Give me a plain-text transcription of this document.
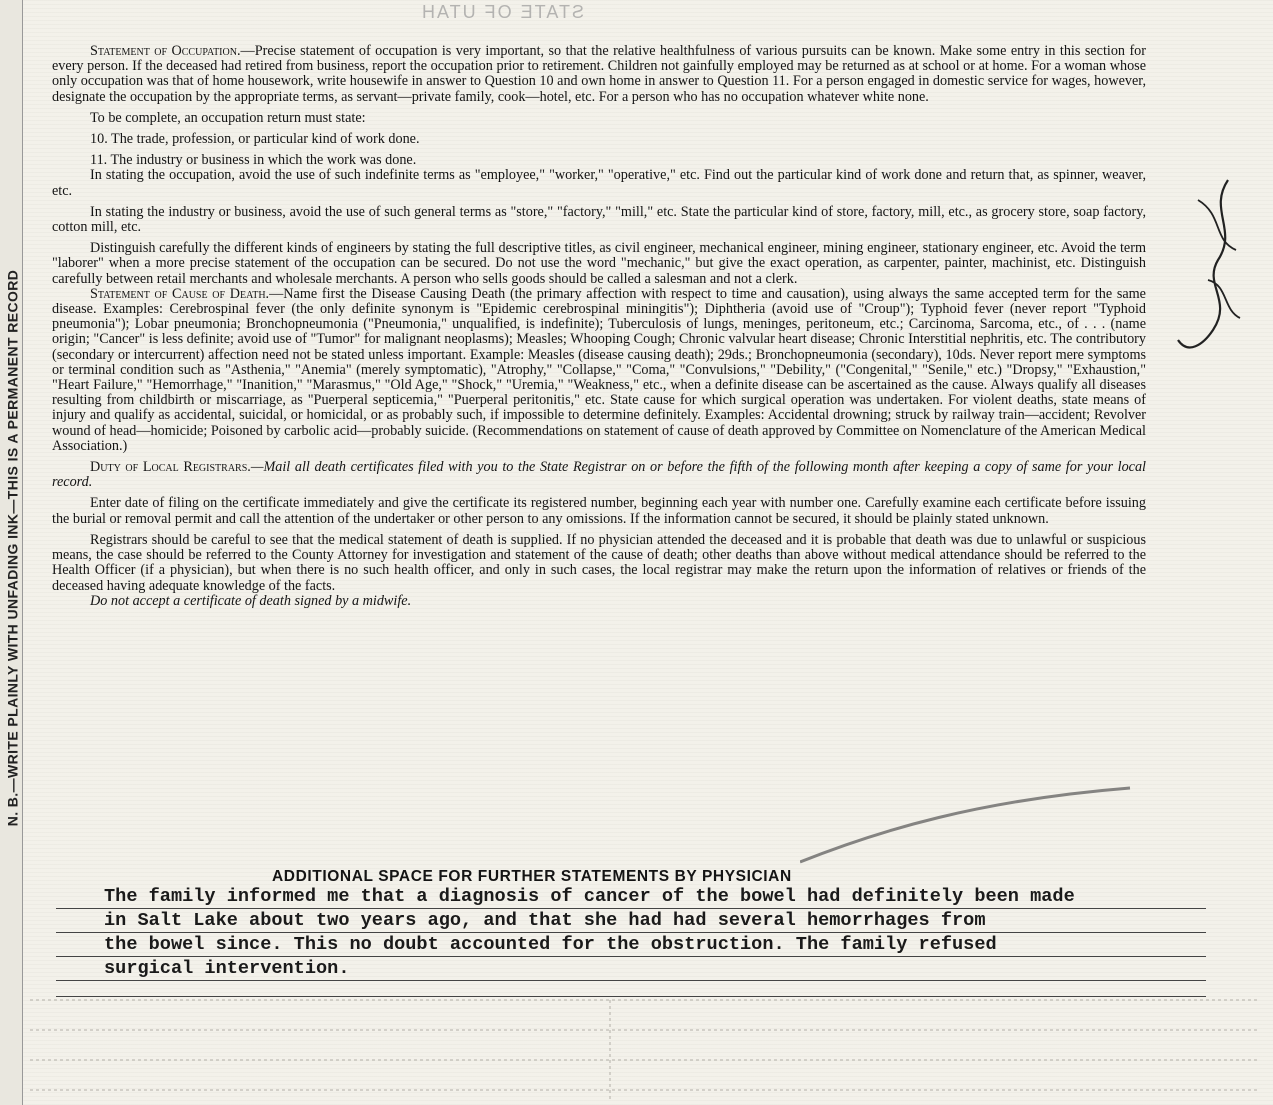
N. B.—WRITE PLAINLY WITH UNFADING INK—THIS IS A PERMANENT RECORD
STATE OF UTAH

Statement of Occupation.—Precise statement of occupation is very important, so that the relative healthfulness of various pursuits can be known. Make some entry in this section for every person. If the deceased had retired from business, report the occupation prior to retirement. Children not gainfully employed may be returned as at school or at home. For a woman whose only occupation was that of home housework, write housewife in answer to Question 10 and own home in answer to Question 11. For a person engaged in domestic service for wages, however, designate the occupation by the appropriate terms, as servant—private family, cook—hotel, etc. For a person who has no occupation whatever white none.

To be complete, an occupation return must state:

10. The trade, profession, or particular kind of work done.

11. The industry or business in which the work was done.

In stating the occupation, avoid the use of such indefinite terms as "employee," "worker," "operative," etc. Find out the particular kind of work done and return that, as spinner, weaver, etc.

In stating the industry or business, avoid the use of such general terms as "store," "factory," "mill," etc. State the particular kind of store, factory, mill, etc., as grocery store, soap factory, cotton mill, etc.

Distinguish carefully the different kinds of engineers by stating the full descriptive titles, as civil engineer, mechanical engineer, mining engineer, stationary engineer, etc. Avoid the term "laborer" when a more precise statement of the occupation can be secured. Do not use the word "mechanic," but give the exact operation, as carpenter, painter, machinist, etc. Distinguish carefully between retail merchants and wholesale merchants. A person who sells goods should be called a salesman and not a clerk.

Statement of Cause of Death.—Name first the Disease Causing Death (the primary affection with respect to time and causation), using always the same accepted term for the same disease. Examples: Cerebrospinal fever (the only definite synonym is "Epidemic cerebrospinal miningitis"); Diphtheria (avoid use of "Croup"); Typhoid fever (never report "Typhoid pneumonia"); Lobar pneumonia; Bronchopneumonia ("Pneumonia," unqualified, is indefinite); Tuberculosis of lungs, meninges, peritoneum, etc.; Carcinoma, Sarcoma, etc., of . . . (name origin; "Cancer" is less definite; avoid use of "Tumor" for malignant neoplasms); Measles; Whooping Cough; Chronic valvular heart disease; Chronic Interstitial nephritis, etc. The contributory (secondary or intercurrent) affection need not be stated unless important. Example: Measles (disease causing death); 29ds.; Bronchopneumonia (secondary), 10ds. Never report mere symptoms or terminal condition such as "Asthenia," "Anemia" (merely symptomatic), "Atrophy," "Collapse," "Coma," "Convulsions," "Debility," ("Congenital," "Senile," etc.) "Dropsy," "Exhaustion," "Heart Failure," "Hemorrhage," "Inanition," "Marasmus," "Old Age," "Shock," "Uremia," "Weakness," etc., when a definite disease can be ascertained as the cause. Always qualify all diseases resulting from childbirth or miscarriage, as "Puerperal septicemia," "Puerperal peritonitis," etc. State cause for which surgical operation was undertaken. For violent deaths, state means of injury and qualify as accidental, suicidal, or homicidal, or as probably such, if impossible to determine definitely. Examples: Accidental drowning; struck by railway train—accident; Revolver wound of head—homicide; Poisoned by carbolic acid—probably suicide. (Recommendations on statement of cause of death approved by Committee on Nomenclature of the American Medical Association.)

Duty of Local Registrars.—Mail all death certificates filed with you to the State Registrar on or before the fifth of the following month after keeping a copy of same for your local record.

Enter date of filing on the certificate immediately and give the certificate its registered number, beginning each year with number one. Carefully examine each certificate before issuing the burial or removal permit and call the attention of the undertaker or other person to any omissions. If the information cannot be secured, it should be plainly stated unknown.

Registrars should be careful to see that the medical statement of death is supplied. If no physician attended the deceased and it is probable that death was due to unlawful or suspicious means, the case should be referred to the County Attorney for investigation and statement of the cause of death; other deaths than above without medical attendance should be referred to the Health Officer (if a physician), but when there is no such health officer, and only in such cases, the local registrar may make the return upon the information of relatives or friends of the deceased having adequate knowledge of the facts.

Do not accept a certificate of death signed by a midwife.

ADDITIONAL SPACE FOR FURTHER STATEMENTS BY PHYSICIAN
The family informed me that a diagnosis of cancer of the bowel had definitely been made
in Salt Lake about two years ago, and that she had had several hemorrhages from
the bowel since. This no doubt accounted for the obstruction. The family refused
surgical intervention.
